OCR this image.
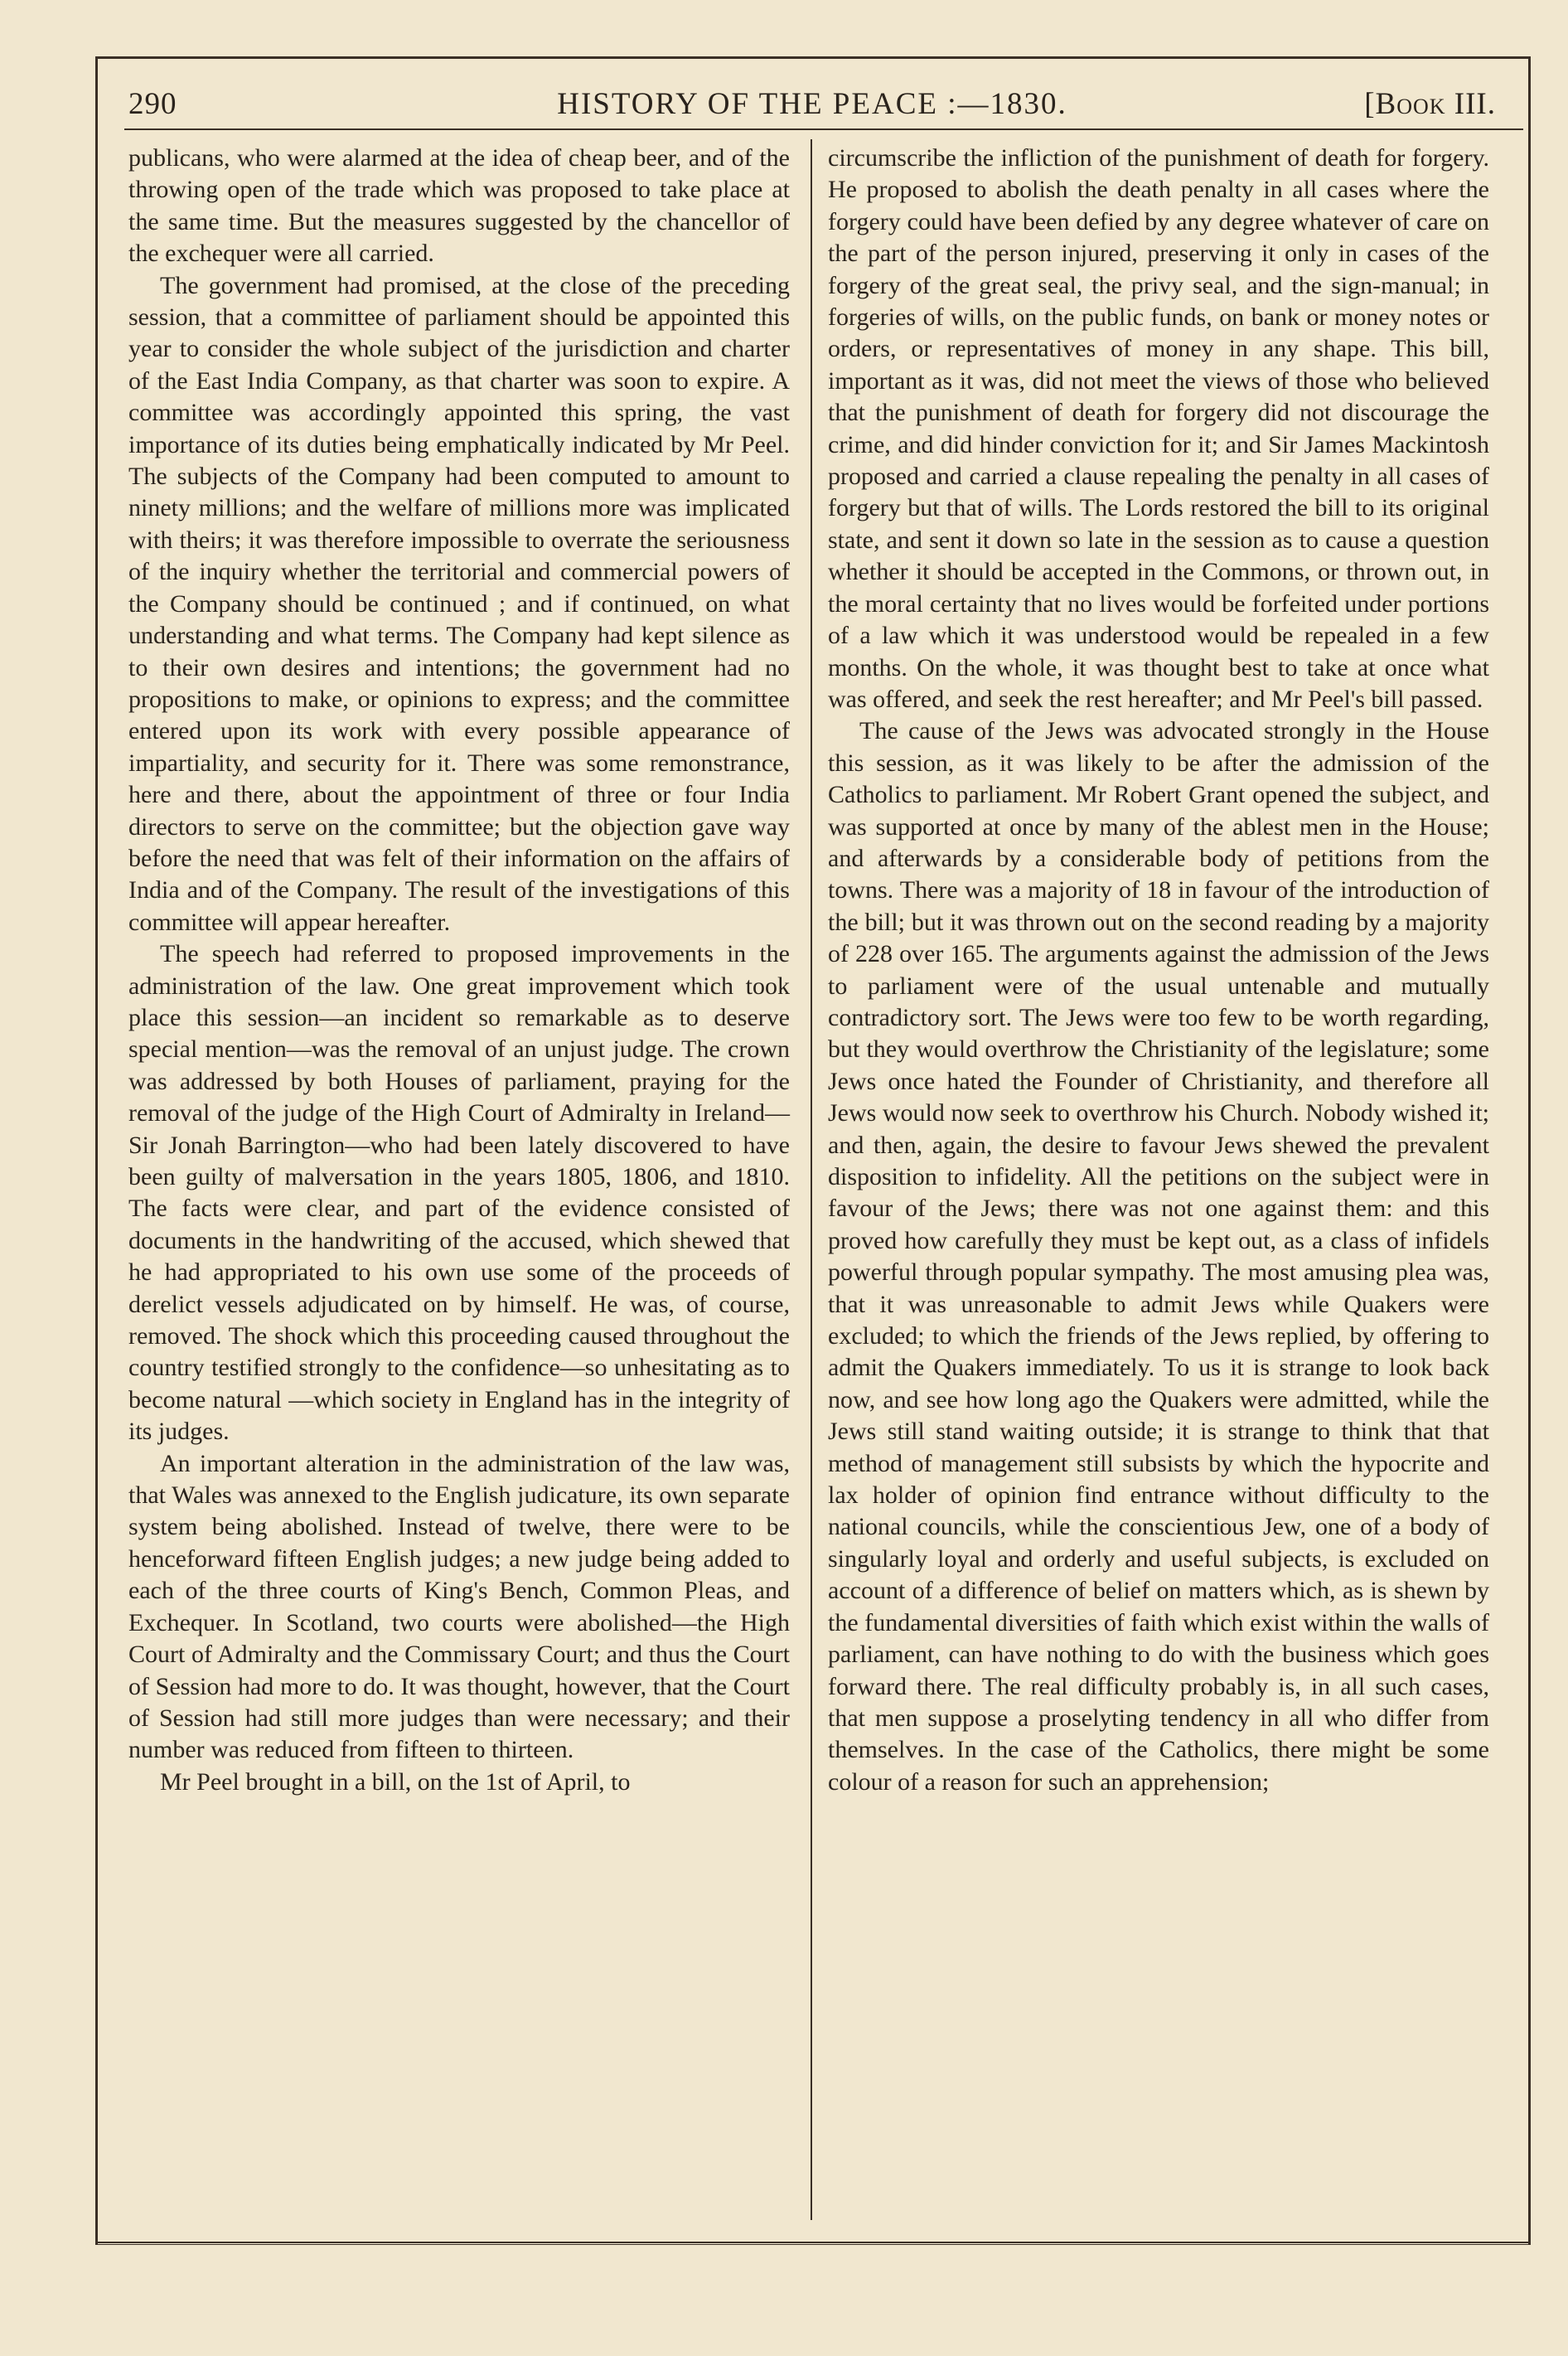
290	HISTORY OF THE PEACE :—1830.	[Book III.

publicans, who were alarmed at the idea of cheap beer, and of the throwing open of the trade which was proposed to take place at the same time. But the measures suggested by the chancellor of the exchequer were all carried.

The government had promised, at the close of the preceding session, that a committee of parliament should be appointed this year to consider the whole subject of the jurisdiction and charter of the East India Company, as that charter was soon to expire. A committee was accordingly appointed this spring, the vast importance of its duties being emphatically indicated by Mr Peel. The subjects of the Company had been computed to amount to ninety millions; and the welfare of millions more was implicated with theirs; it was therefore impossible to overrate the seriousness of the inquiry whether the territorial and commercial powers of the Company should be continued ; and if continued, on what understanding and what terms. The Company had kept silence as to their own desires and intentions; the government had no propositions to make, or opinions to express; and the committee entered upon its work with every possible appearance of impartiality, and security for it. There was some remonstrance, here and there, about the appointment of three or four India directors to serve on the committee; but the objection gave way before the need that was felt of their information on the affairs of India and of the Company. The result of the investigations of this committee will appear hereafter.

The speech had referred to proposed improvements in the administration of the law. One great improvement which took place this session—an incident so remarkable as to deserve special mention—was the removal of an unjust judge. The crown was addressed by both Houses of parliament, praying for the removal of the judge of the High Court of Admiralty in Ireland—Sir Jonah Barrington—who had been lately discovered to have been guilty of malversation in the years 1805, 1806, and 1810. The facts were clear, and part of the evidence consisted of documents in the handwriting of the accused, which shewed that he had appropriated to his own use some of the proceeds of derelict vessels adjudicated on by himself. He was, of course, removed. The shock which this proceeding caused throughout the country testified strongly to the confidence—so unhesitating as to become natural —which society in England has in the integrity of its judges.

An important alteration in the administration of the law was, that Wales was annexed to the English judicature, its own separate system being abolished. Instead of twelve, there were to be henceforward fifteen English judges; a new judge being added to each of the three courts of King's Bench, Common Pleas, and Exchequer. In Scotland, two courts were abolished—the High Court of Admiralty and the Commissary Court; and thus the Court of Session had more to do. It was thought, however, that the Court of Session had still more judges than were necessary; and their number was reduced from fifteen to thirteen.

Mr Peel brought in a bill, on the 1st of April, to

circumscribe the infliction of the punishment of death for forgery. He proposed to abolish the death penalty in all cases where the forgery could have been defied by any degree whatever of care on the part of the person injured, preserving it only in cases of the forgery of the great seal, the privy seal, and the sign-manual; in forgeries of wills, on the public funds, on bank or money notes or orders, or representatives of money in any shape. This bill, important as it was, did not meet the views of those who believed that the punishment of death for forgery did not discourage the crime, and did hinder conviction for it; and Sir James Mackintosh proposed and carried a clause repealing the penalty in all cases of forgery but that of wills. The Lords restored the bill to its original state, and sent it down so late in the session as to cause a question whether it should be accepted in the Commons, or thrown out, in the moral certainty that no lives would be forfeited under portions of a law which it was understood would be repealed in a few months. On the whole, it was thought best to take at once what was offered, and seek the rest hereafter; and Mr Peel's bill passed.

The cause of the Jews was advocated strongly in the House this session, as it was likely to be after the admission of the Catholics to parliament. Mr Robert Grant opened the subject, and was supported at once by many of the ablest men in the House; and afterwards by a considerable body of petitions from the towns. There was a majority of 18 in favour of the introduction of the bill; but it was thrown out on the second reading by a majority of 228 over 165. The arguments against the admission of the Jews to parliament were of the usual untenable and mutually contradictory sort. The Jews were too few to be worth regarding, but they would overthrow the Christianity of the legislature; some Jews once hated the Founder of Christianity, and therefore all Jews would now seek to overthrow his Church. Nobody wished it; and then, again, the desire to favour Jews shewed the prevalent disposition to infidelity. All the petitions on the subject were in favour of the Jews; there was not one against them: and this proved how carefully they must be kept out, as a class of infidels powerful through popular sympathy. The most amusing plea was, that it was unreasonable to admit Jews while Quakers were excluded; to which the friends of the Jews replied, by offering to admit the Quakers immediately. To us it is strange to look back now, and see how long ago the Quakers were admitted, while the Jews still stand waiting outside; it is strange to think that that method of management still subsists by which the hypocrite and lax holder of opinion find entrance without difficulty to the national councils, while the conscientious Jew, one of a body of singularly loyal and orderly and useful subjects, is excluded on account of a difference of belief on matters which, as is shewn by the fundamental diversities of faith which exist within the walls of parliament, can have nothing to do with the business which goes forward there. The real difficulty probably is, in all such cases, that men suppose a proselyting tendency in all who differ from themselves. In the case of the Catholics, there might be some colour of a reason for such an apprehension;
